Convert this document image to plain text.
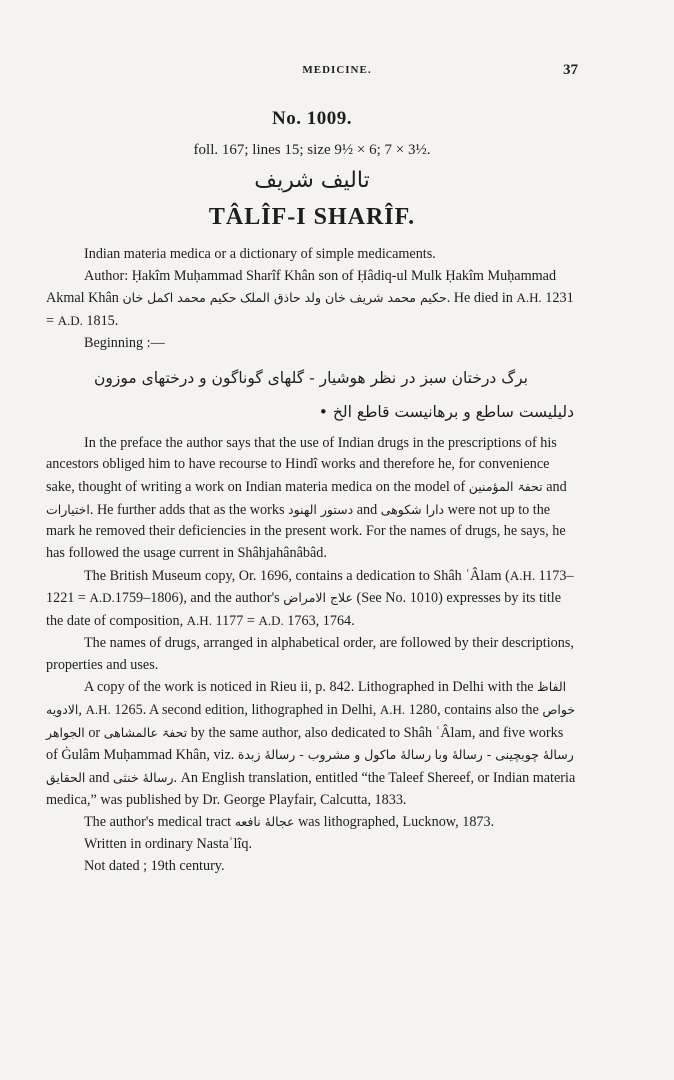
MEDICINE.	37
No. 1009.
foll. 167; lines 15; size 9½ × 6; 7 × 3½.
تالیف شریف
TÂLÎF-I SHARÎF.

Indian materia medica or a dictionary of simple medicaments.

Author: Ḥakîm Muḥammad Sharîf Khân son of Ḥâdiq-ul Mulk Ḥakîm Muḥammad Akmal Khân	حکیم محمد شریف خان ولد حاذق الملک حکیم محمد اکمل خان	. He died in A.H. 1231 = A.D. 1815.

Beginning :—

برگ درختان سبز در نظر هوشیار - گلهای گوناگون و درختهای موزون

دلیلیست ساطع و برهانیست قاطع الخ •

In the preface the author says that the use of Indian drugs in the prescriptions of his ancestors obliged him to have recourse to Hindî works and therefore he, for convenience sake, thought of writing a work on Indian materia medica on the model of تحفۃ المؤمنین and اختیارات. He further adds that as the works دستور الهنود and دارا شکوهی were not up to the mark he removed their deficiencies in the present work. For the names of drugs, he says, he has followed the usage current in Shâhjahânâbâd.

The British Museum copy, Or. 1696, contains a dedication to Shâh ʿÂlam (A.H. 1173–1221 = A.D.1759–1806), and the author's علاج الامراض (See No. 1010) expresses by its title the date of composition, A.H. 1177 = A.D. 1763, 1764.

The names of drugs, arranged in alphabetical order, are followed by their descriptions, properties and uses.

A copy of the work is noticed in Rieu ii, p. 842. Lithographed in Delhi with the الفاظ الادویه, A.H. 1265. A second edition, lithographed in Delhi, A.H. 1280, contains also the خواص الجواهر or تحفۃ عالمشاهی by the same author, also dedicated to Shâh ʿÂlam, and five works of Ġulâm Muḥammad Khân, viz.	رسالۀ چوبچینی - رسالۀ وبا رسالۀ ماکول و مشروب - رسالۀ زبدة الحقایق and رسالۀ خنثی. An English translation, entitled “the Taleef Shereef, or Indian materia medica,” was published by Dr. George Playfair, Calcutta, 1833.

The author's medical tract عجالۀ نافعه was lithographed, Lucknow, 1873.

Written in ordinary Nastaʿlîq.

Not dated ; 19th century.
